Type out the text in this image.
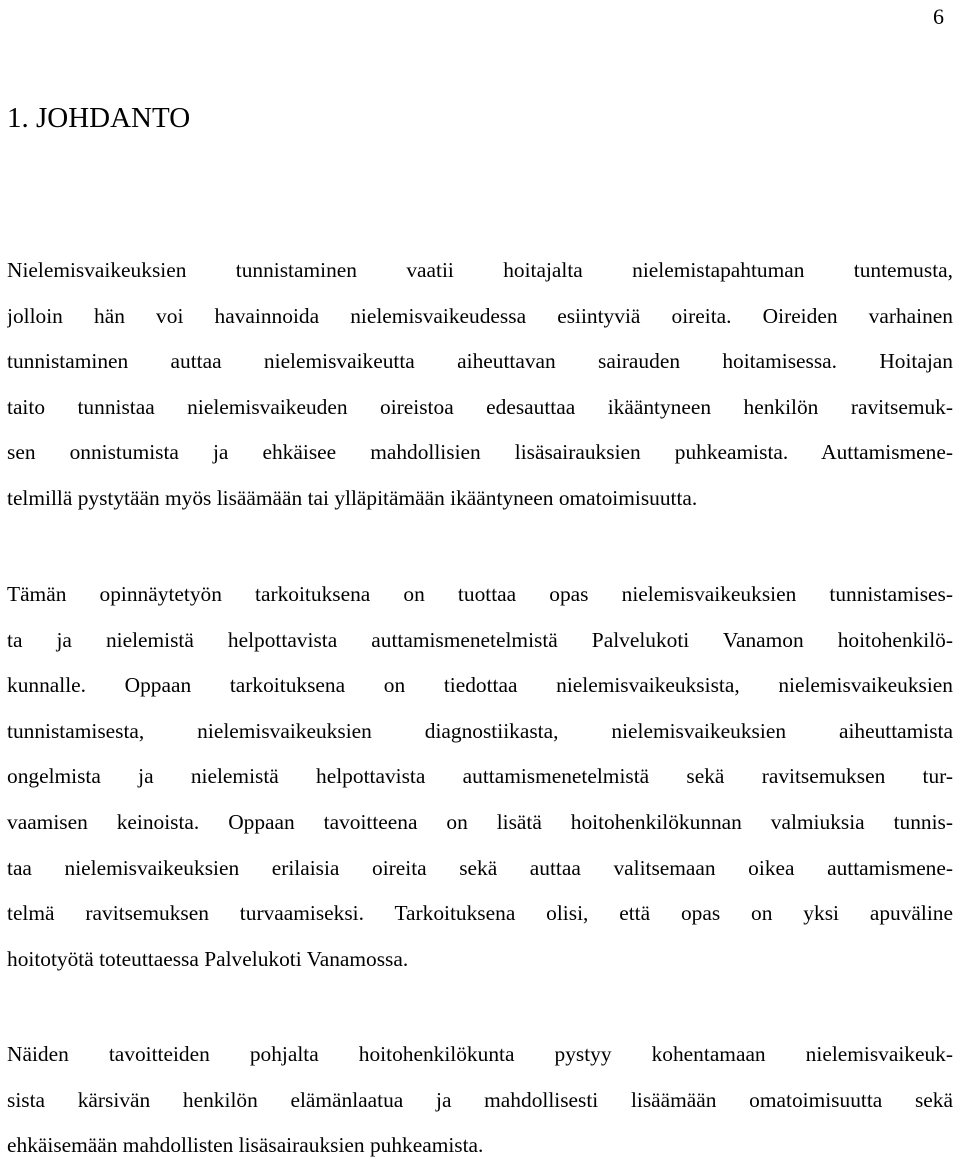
6
1. JOHDANTO
Nielemisvaikeuksien tunnistaminen vaatii hoitajalta nielemistapahtuman tuntemusta,
jolloin hän voi havainnoida nielemisvaikeudessa esiintyviä oireita. Oireiden varhainen
tunnistaminen auttaa nielemisvaikeutta aiheuttavan sairauden hoitamisessa. Hoitajan
taito tunnistaa nielemisvaikeuden oireistoa edesauttaa ikääntyneen henkilön ravitsemuk-
sen onnistumista ja ehkäisee mahdollisien lisäsairauksien puhkeamista. Auttamismene-
telmillä pystytään myös lisäämään tai ylläpitämään ikääntyneen omatoimisuutta.
Tämän opinnäytetyön tarkoituksena on tuottaa opas nielemisvaikeuksien tunnistamises-
ta ja nielemistä helpottavista auttamismenetelmistä Palvelukoti Vanamon hoitohenkilö-
kunnalle. Oppaan tarkoituksena on tiedottaa nielemisvaikeuksista, nielemisvaikeuksien
tunnistamisesta, nielemisvaikeuksien diagnostiikasta, nielemisvaikeuksien aiheuttamista
ongelmista ja nielemistä helpottavista auttamismenetelmistä sekä ravitsemuksen tur-
vaamisen keinoista. Oppaan tavoitteena on lisätä hoitohenkilökunnan valmiuksia tunnis-
taa nielemisvaikeuksien erilaisia oireita sekä auttaa valitsemaan oikea auttamismene-
telmä ravitsemuksen turvaamiseksi. Tarkoituksena olisi, että opas on yksi apuväline
hoitotyötä toteuttaessa Palvelukoti Vanamossa.
Näiden tavoitteiden pohjalta hoitohenkilökunta pystyy kohentamaan nielemisvaikeuk-
sista kärsivän henkilön elämänlaatua ja mahdollisesti lisäämään omatoimisuutta sekä
ehkäisemään mahdollisten lisäsairauksien puhkeamista.
